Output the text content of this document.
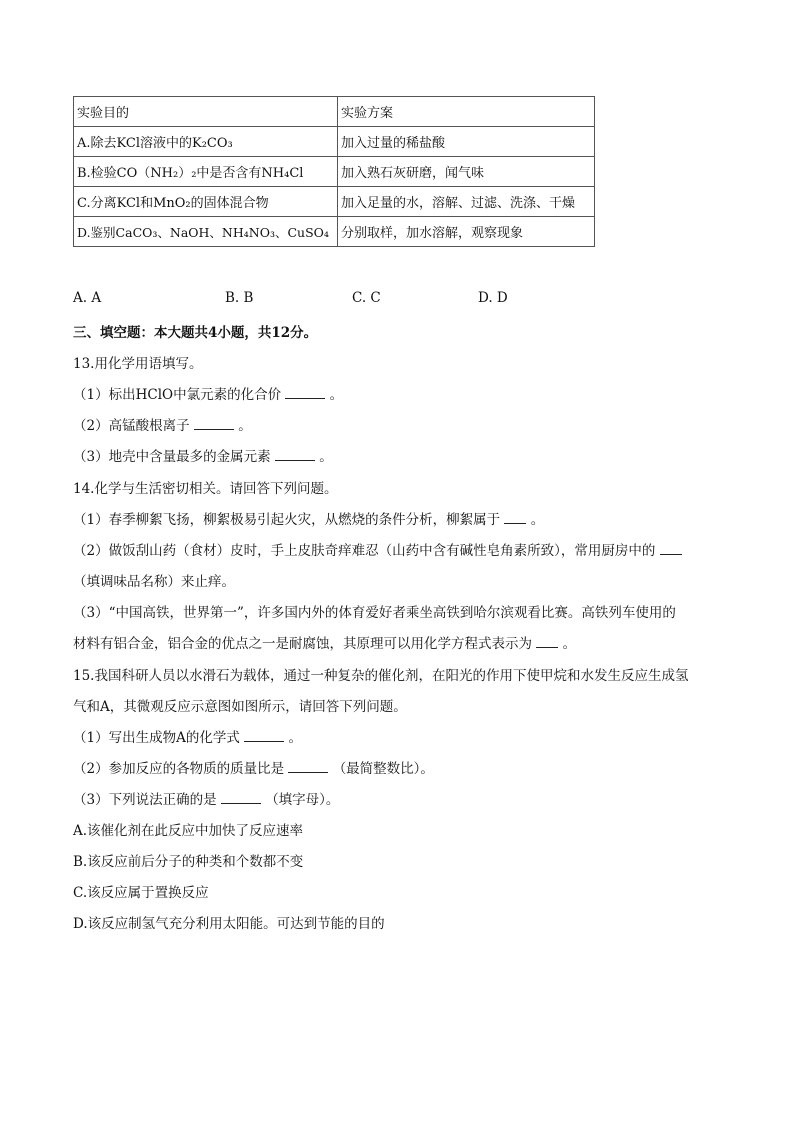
实验目的	实验方案
A.除去KCl溶液中的K₂CO₃	加入过量的稀盐酸
B.检验CO（NH₂）₂中是否含有NH₄Cl	加入熟石灰研磨，闻气味
C.分离KCl和MnO₂的固体混合物	加入足量的水，溶解、过滤、洗涤、干燥
D.鉴别CaCO₃、NaOH、NH₄NO₃、CuSO₄	分别取样，加水溶解，观察现象
A. A	B. B	C. C	D. D
三、填空题：本大题共4小题，共12分。
13.用化学用语填写。
（1）标出HClO中氯元素的化合价	。
（2）高锰酸根离子	。
（3）地壳中含量最多的金属元素	。
14.化学与生活密切相关。请回答下列问题。
（1）春季柳絮飞扬，柳絮极易引起火灾，从燃烧的条件分析，柳絮属于 。
（2）做饭刮山药（食材）皮时，手上皮肤奇痒难忍（山药中含有碱性皂角素所致），常用厨房中的
（填调味品名称）来止痒。
（3）“中国高铁，世界第一”，许多国内外的体育爱好者乘坐高铁到哈尔滨观看比赛。高铁列车使用的
材料有铝合金，铝合金的优点之一是耐腐蚀，其原理可以用化学方程式表示为 。
15.我国科研人员以水滑石为载体，通过一种复杂的催化剂，在阳光的作用下使甲烷和水发生反应生成氢
气和A，其微观反应示意图如图所示，请回答下列问题。
（1）写出生成物A的化学式	。
（2）参加反应的各物质的质量比是	（最简整数比）。
（3）下列说法正确的是	（填字母）。
A.该催化剂在此反应中加快了反应速率
B.该反应前后分子的种类和个数都不变
C.该反应属于置换反应
D.该反应制氢气充分利用太阳能。可达到节能的目的
